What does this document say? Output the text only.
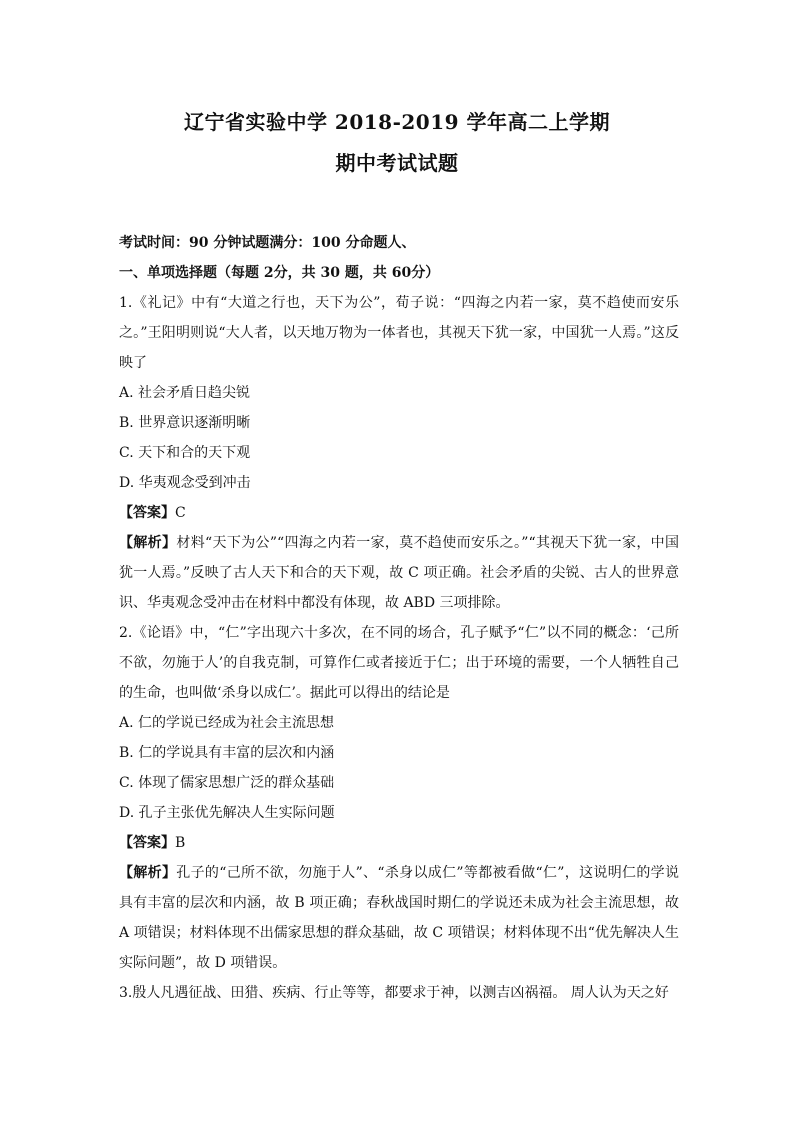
辽宁省实验中学 2018-2019 学年高二上学期
期中考试试题

考试时间：90 分钟试题满分：100 分命题人、

一、单项选择题（每题 2分，共 30 题，共 60分）

1.《礼记》中有“大道之行也，天下为公”，荀子说：“四海之内若一家，莫不趋使而安乐之。”王阳明则说“大人者，以天地万物为一体者也，其视天下犹一家，中国犹一人焉。”这反映了

A. 社会矛盾日趋尖锐

B. 世界意识逐渐明晰

C. 天下和合的天下观

D. 华夷观念受到冲击

【答案】C

【解析】材料“天下为公”“四海之内若一家，莫不趋使而安乐之。”“其视天下犹一家，中国犹一人焉。”反映了古人天下和合的天下观，故 C 项正确。社会矛盾的尖锐、古人的世界意识、华夷观念受冲击在材料中都没有体现，故 ABD 三项排除。

2.《论语》中，“仁”字出现六十多次，在不同的场合，孔子赋予“仁”以不同的概念：‘己所不欲，勿施于人’的自我克制，可算作仁或者接近于仁；出于环境的需要，一个人牺牲自己的生命，也叫做‘杀身以成仁’。据此可以得出的结论是

A. 仁的学说已经成为社会主流思想

B. 仁的学说具有丰富的层次和内涵

C. 体现了儒家思想广泛的群众基础

D. 孔子主张优先解决人生实际问题

【答案】B

【解析】孔子的“己所不欲，勿施于人”、“杀身以成仁”等都被看做“仁”，这说明仁的学说具有丰富的层次和内涵，故 B 项正确；春秋战国时期仁的学说还未成为社会主流思想，故 A 项错误；材料体现不出儒家思想的群众基础，故 C 项错误；材料体现不出“优先解决人生实际问题”，故 D 项错误。

3.殷人凡遇征战、田猎、疾病、行止等等，都要求于神，以测吉凶祸福。 周人认为天之好
